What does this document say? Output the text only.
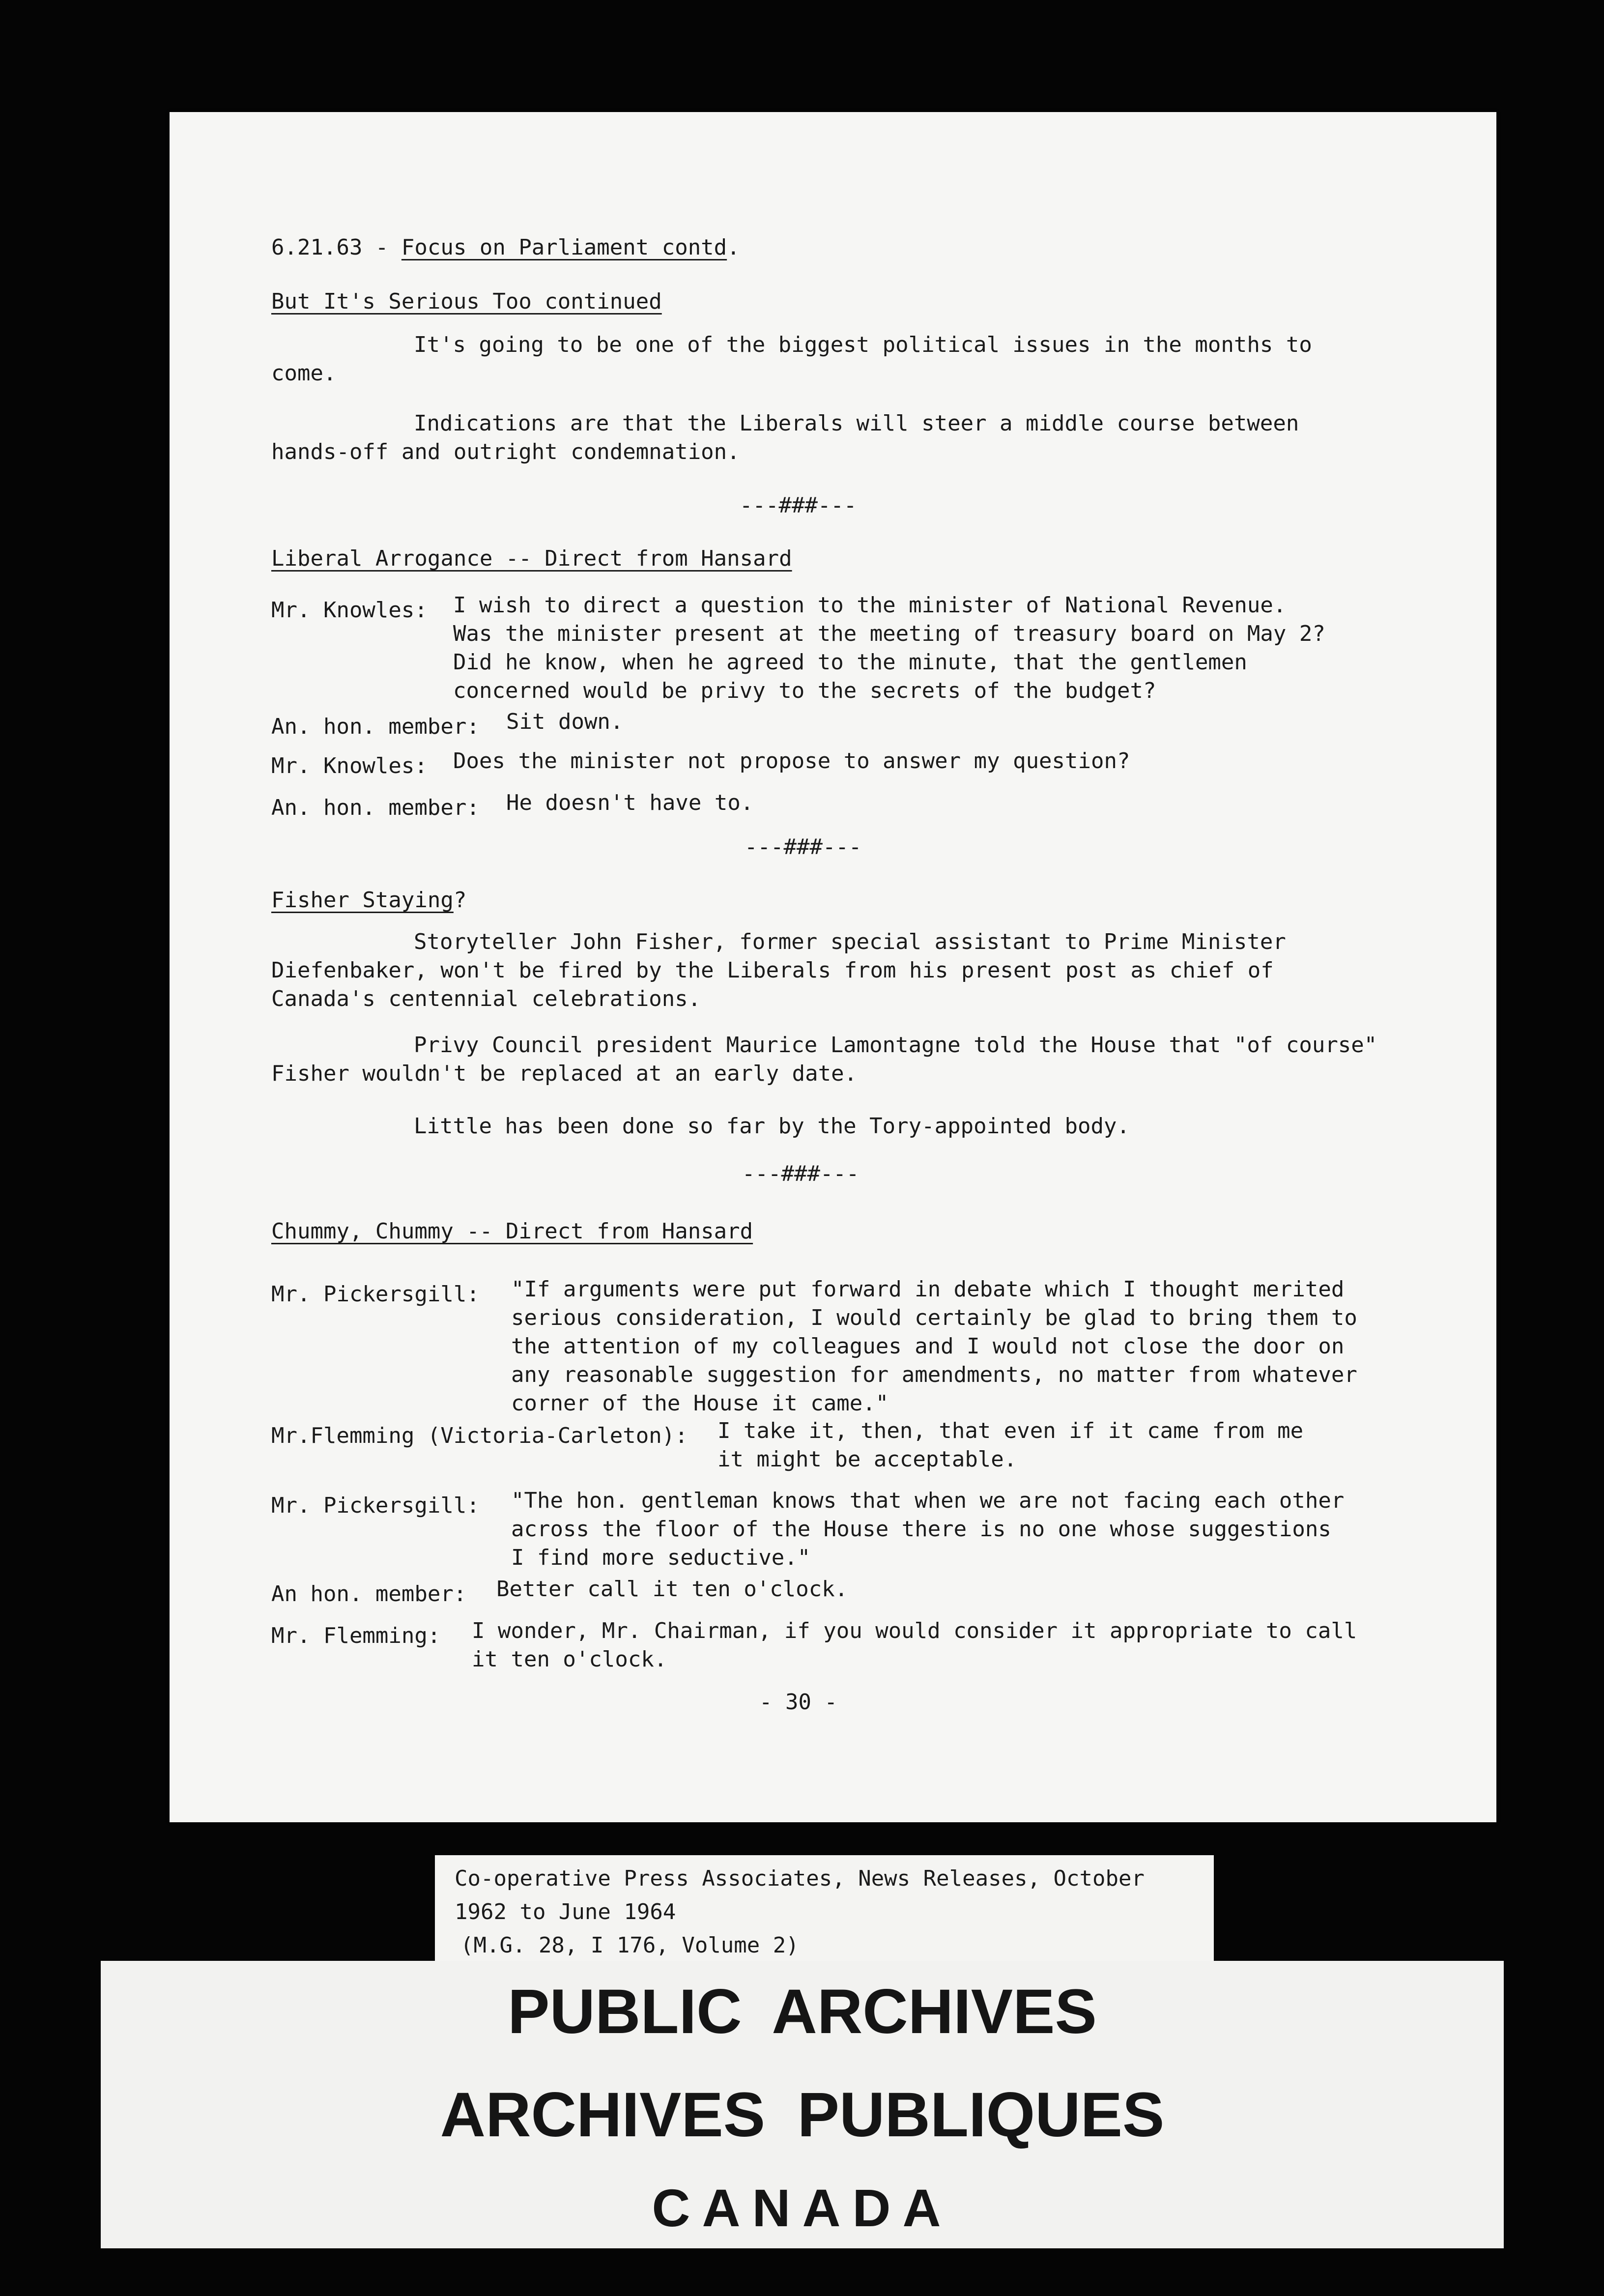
6.21.63 - Focus on Parliament contd.
But It's Serious Too continued
It's going to be one of the biggest political issues in the months to
come.
Indications are that the Liberals will steer a middle course between
hands-off and outright condemnation.
---###---
Liberal Arrogance -- Direct from Hansard
Mr. Knowles: I wish to direct a question to the minister of National Revenue.
Was the minister present at the meeting of treasury board on May 2?
Did he know, when he agreed to the minute, that the gentlemen
concerned would be privy to the secrets of the budget?
An. hon. member: Sit down.
Mr. Knowles: Does the minister not propose to answer my question?
An. hon. member: He doesn't have to.
---###---
Fisher Staying?
Storyteller John Fisher, former special assistant to Prime Minister
Diefenbaker, won't be fired by the Liberals from his present post as chief of
Canada's centennial celebrations.
Privy Council president Maurice Lamontagne told the House that "of course"
Fisher wouldn't be replaced at an early date.
Little has been done so far by the Tory-appointed body.
---###---
Chummy, Chummy -- Direct from Hansard
Mr. Pickersgill: "If arguments were put forward in debate which I thought merited
serious consideration, I would certainly be glad to bring them to
the attention of my colleagues and I would not close the door on
any reasonable suggestion for amendments, no matter from whatever
corner of the House it came."
Mr.Flemming (Victoria-Carleton): I take it, then, that even if it came from me
it might be acceptable.
Mr. Pickersgill: "The hon. gentleman knows that when we are not facing each other
across the floor of the House there is no one whose suggestions
I find more seductive."
An hon. member: Better call it ten o'clock.
Mr. Flemming: I wonder, Mr. Chairman, if you would consider it appropriate to call
it ten o'clock.
- 30 -
Co-operative Press Associates, News Releases, October
1962 to June 1964
(M.G. 28, I 176, Volume 2)
PUBLIC ARCHIVES
ARCHIVES PUBLIQUES
CANADA
